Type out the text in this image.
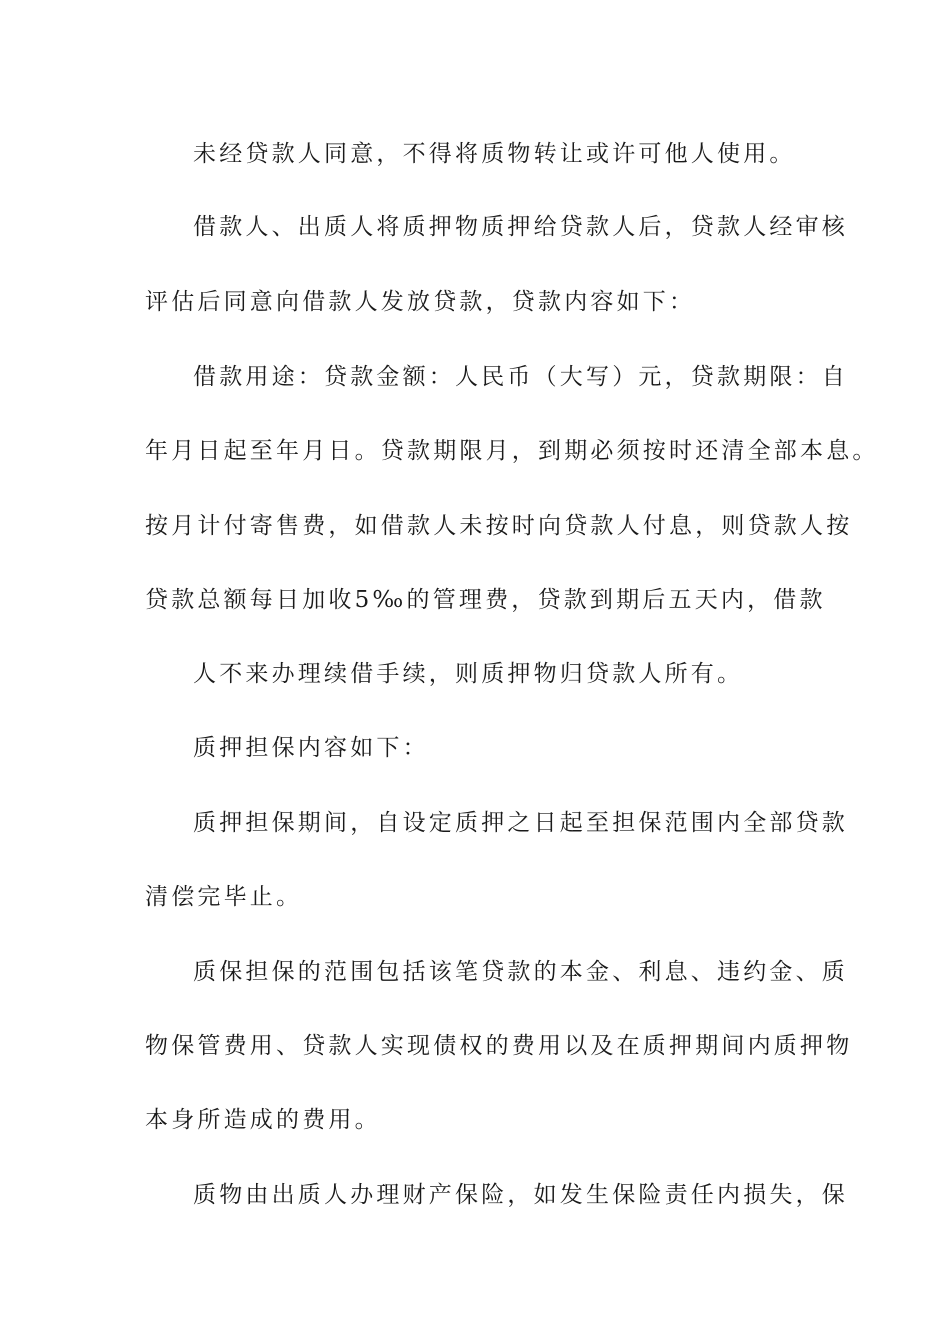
未经贷款人同意，不得将质物转让或许可他人使用。
借款人、出质人将质押物质押给贷款人后，贷款人经审核
评估后同意向借款人发放贷款，贷款内容如下：
借款用途：贷款金额：人民币（大写）元，贷款期限：自
年月日起至年月日。贷款期限月，到期必须按时还清全部本息。
按月计付寄售费，如借款人未按时向贷款人付息，则贷款人按
贷款总额每日加收5‰的管理费，贷款到期后五天内，借款
人不来办理续借手续，则质押物归贷款人所有。
质押担保内容如下：
质押担保期间，自设定质押之日起至担保范围内全部贷款
清偿完毕止。
质保担保的范围包括该笔贷款的本金、利息、违约金、质
物保管费用、贷款人实现债权的费用以及在质押期间内质押物
本身所造成的费用。
质物由出质人办理财产保险，如发生保险责任内损失，保
